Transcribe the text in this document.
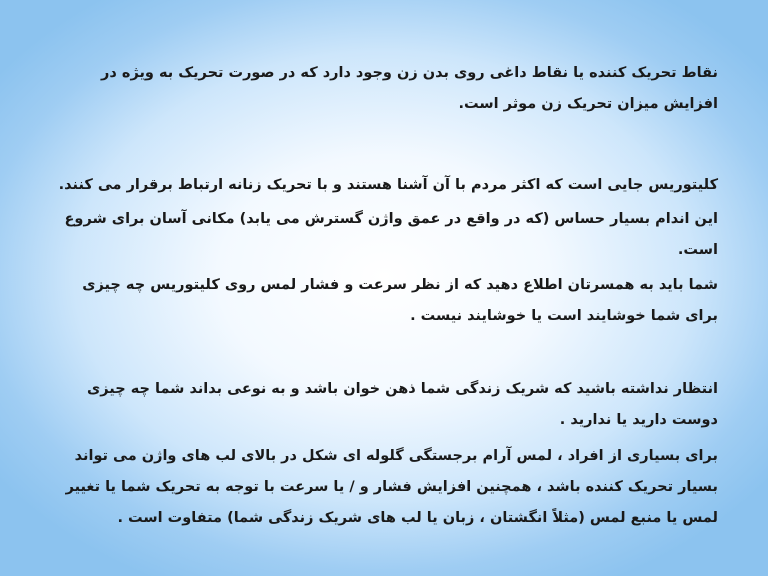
نقاط تحریک کننده یا نقاط داغی روی بدن زن وجود دارد که در صورت تحریک به ویژه در افزایش میزان تحریک زن موثر است.

کلیتوریس جایی است که اکثر مردم با آن آشنا هستند و با تحریک زنانه ارتباط برقرار می کنند.

این اندام بسیار حساس (که در واقع در عمق واژن گسترش می یابد) مکانی آسان برای شروع است.

شما باید به همسرتان اطلاع دهید که از نظر سرعت و فشار لمس روی کلیتوریس چه چیزی برای شما خوشایند است یا خوشایند نیست .

انتظار نداشته باشید که شریک زندگی شما ذهن خوان باشد و به نوعی بداند شما چه چیزی دوست دارید یا ندارید .

برای بسیاری از افراد ، لمس آرام برجستگی گلوله ای شکل در بالای لب های واژن می تواند بسیار تحریک کننده باشد ، همچنین افزایش فشار و / یا سرعت با توجه به تحریک شما یا تغییر لمس یا منبع لمس (مثلاً انگشتان ، زبان یا لب های شریک زندگی شما) متفاوت است .
